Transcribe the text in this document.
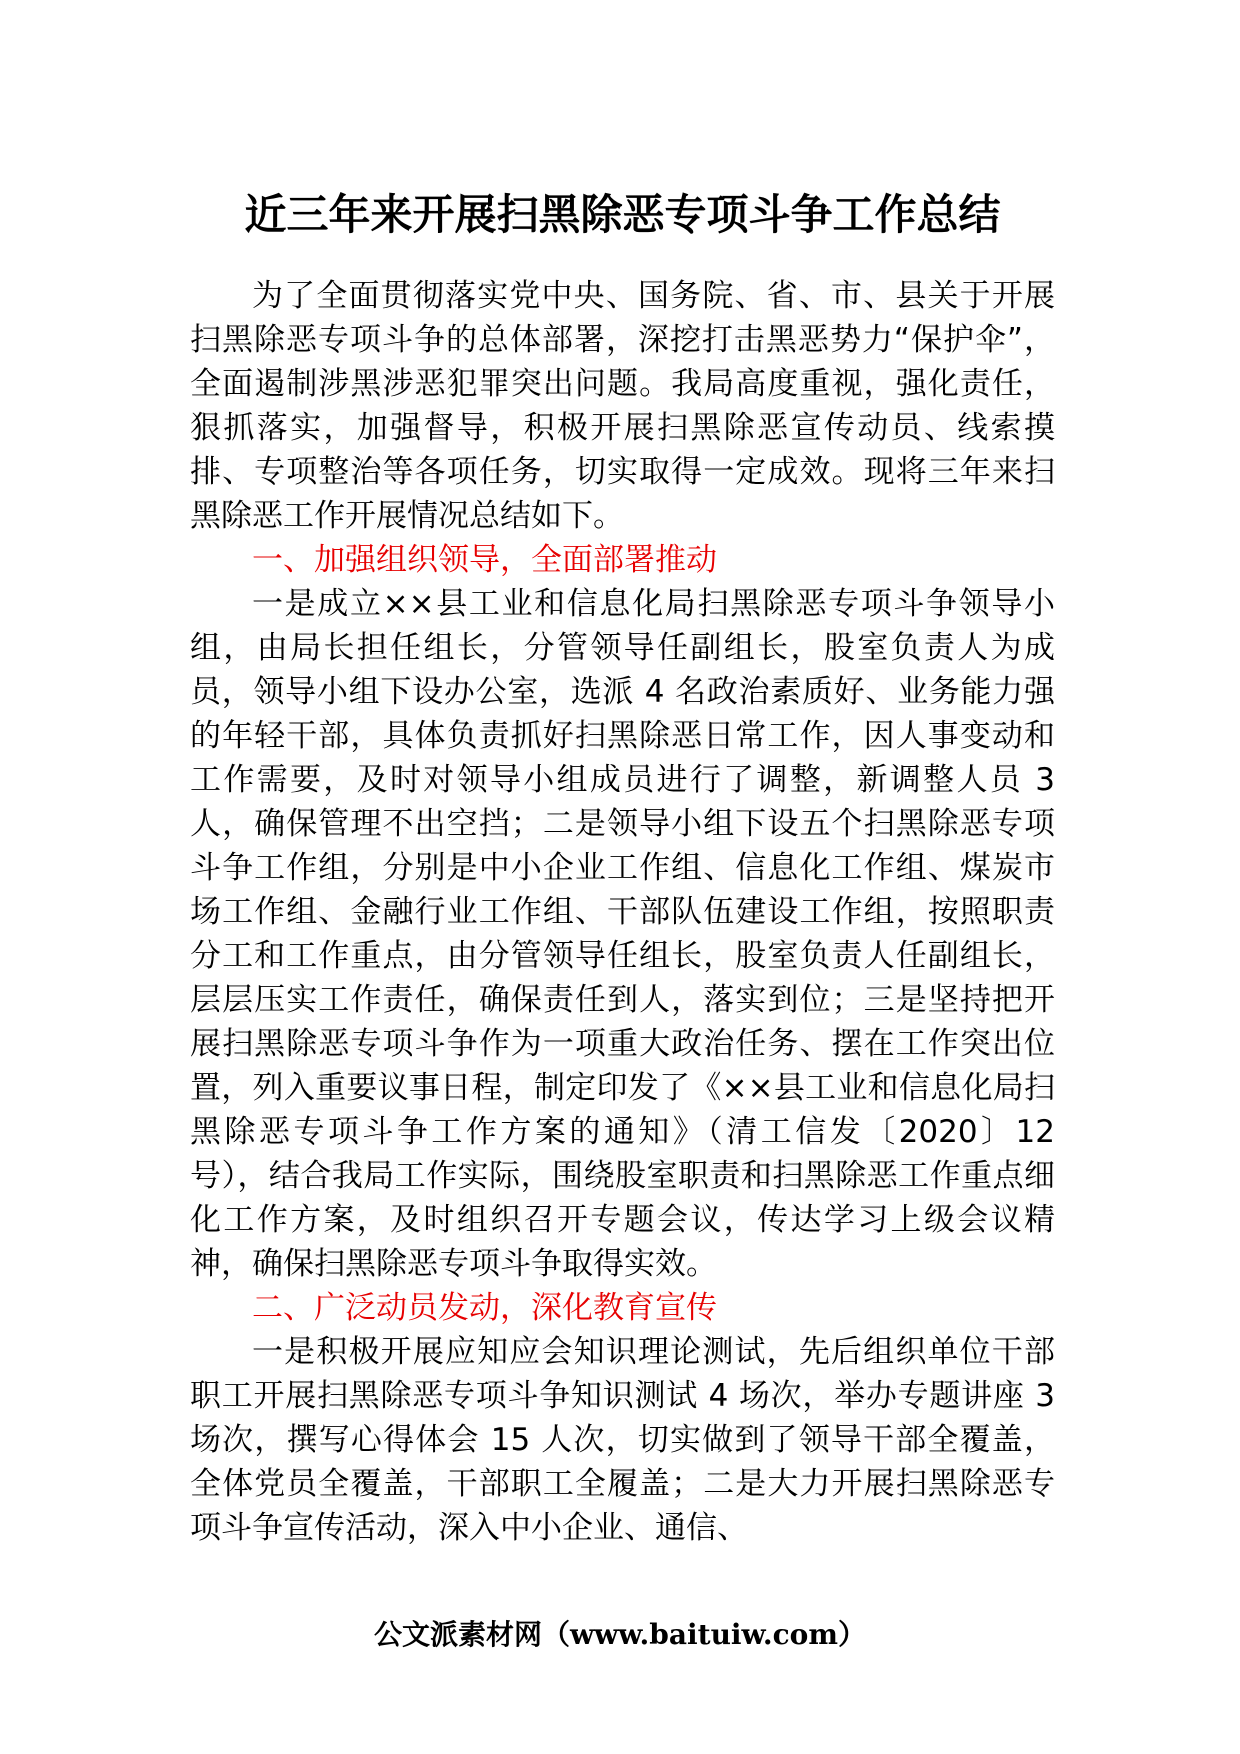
近三年来开展扫黑除恶专项斗争工作总结

为了全面贯彻落实党中央、国务院、省、市、县关于开展扫黑除恶专项斗争的总体部署，深挖打击黑恶势力“保护伞”，全面遏制涉黑涉恶犯罪突出问题。我局高度重视，强化责任，狠抓落实，加强督导，积极开展扫黑除恶宣传动员、线索摸排、专项整治等各项任务，切实取得一定成效。现将三年来扫黑除恶工作开展情况总结如下。

一、加强组织领导，全面部署推动

一是成立××县工业和信息化局扫黑除恶专项斗争领导小组，由局长担任组长，分管领导任副组长，股室负责人为成员，领导小组下设办公室，选派 4 名政治素质好、业务能力强的年轻干部，具体负责抓好扫黑除恶日常工作，因人事变动和工作需要，及时对领导小组成员进行了调整，新调整人员 3 人，确保管理不出空挡；二是领导小组下设五个扫黑除恶专项斗争工作组，分别是中小企业工作组、信息化工作组、煤炭市场工作组、金融行业工作组、干部队伍建设工作组，按照职责分工和工作重点，由分管领导任组长，股室负责人任副组长，层层压实工作责任，确保责任到人，落实到位；三是坚持把开展扫黑除恶专项斗争作为一项重大政治任务、摆在工作突出位置，列入重要议事日程，制定印发了《××县工业和信息化局扫黑除恶专项斗争工作方案的通知》（清工信发〔2020〕12 号），结合我局工作实际，围绕股室职责和扫黑除恶工作重点细化工作方案，及时组织召开专题会议，传达学习上级会议精神，确保扫黑除恶专项斗争取得实效。

二、广泛动员发动，深化教育宣传

一是积极开展应知应会知识理论测试，先后组织单位干部职工开展扫黑除恶专项斗争知识测试 4 场次，举办专题讲座 3 场次，撰写心得体会 15 人次，切实做到了领导干部全覆盖，全体党员全覆盖，干部职工全履盖；二是大力开展扫黑除恶专项斗争宣传活动，深入中小企业、通信、

公文派素材网（www.baituiw.com）
